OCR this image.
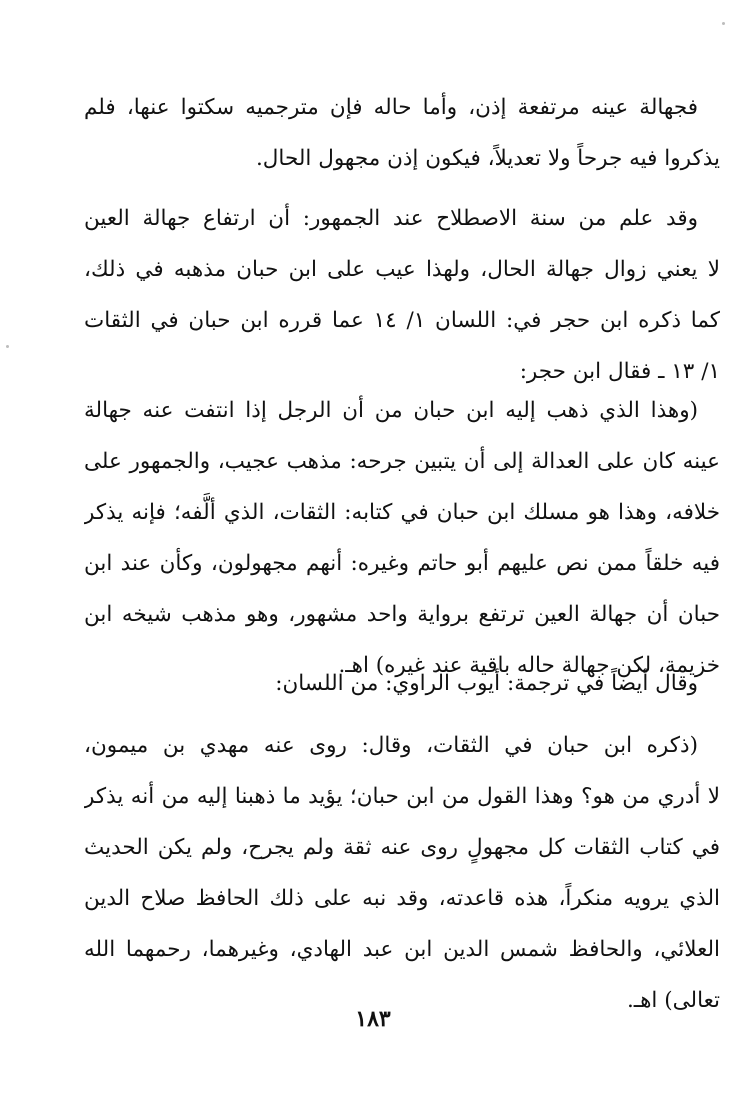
فجهالة عينه مرتفعة إذن، وأما حاله فإن مترجميه سكتوا عنها، فلم
يذكروا فيه جرحاً ولا تعديلاً، فيكون إذن مجهول الحال.
وقد علم من سنة الاصطلاح عند الجمهور: أن ارتفاع جهالة العين
لا يعني زوال جهالة الحال، ولهذا عيب على ابن حبان مذهبه في ذلك،
كما ذكره ابن حجر في: اللسان ١/ ١٤ عما قرره ابن حبان في الثقات
١/ ١٣ ـ فقال ابن حجر:
(وهذا الذي ذهب إليه ابن حبان من أن الرجل إذا انتفت عنه جهالة
عينه كان على العدالة إلى أن يتبين جرحه: مذهب عجيب، والجمهور على
خلافه، وهذا هو مسلك ابن حبان في كتابه: الثقات، الذي ألَّفه؛ فإنه يذكر
فيه خلقاً ممن نص عليهم أبو حاتم وغيره: أنهم مجهولون، وكأن عند ابن
حبان أن جهالة العين ترتفع برواية واحد مشهور، وهو مذهب شيخه ابن
خزيمة، لكن جهالة حاله باقية عند غيره) اهـ.
وقال أيضاً في ترجمة: أيوب الراوي: من اللسان:
(ذكره ابن حبان في الثقات، وقال: روى عنه مهدي بن ميمون،
لا أدري من هو؟ وهذا القول من ابن حبان؛ يؤيد ما ذهبنا إليه من أنه يذكر
في كتاب الثقات كل مجهولٍ روى عنه ثقة ولم يجرح، ولم يكن الحديث
الذي يرويه منكراً، هذه قاعدته، وقد نبه على ذلك الحافظ صلاح الدين
العلائي، والحافظ شمس الدين ابن عبد الهادي، وغيرهما، رحمهما الله
تعالى) اهـ.
١٨٣
